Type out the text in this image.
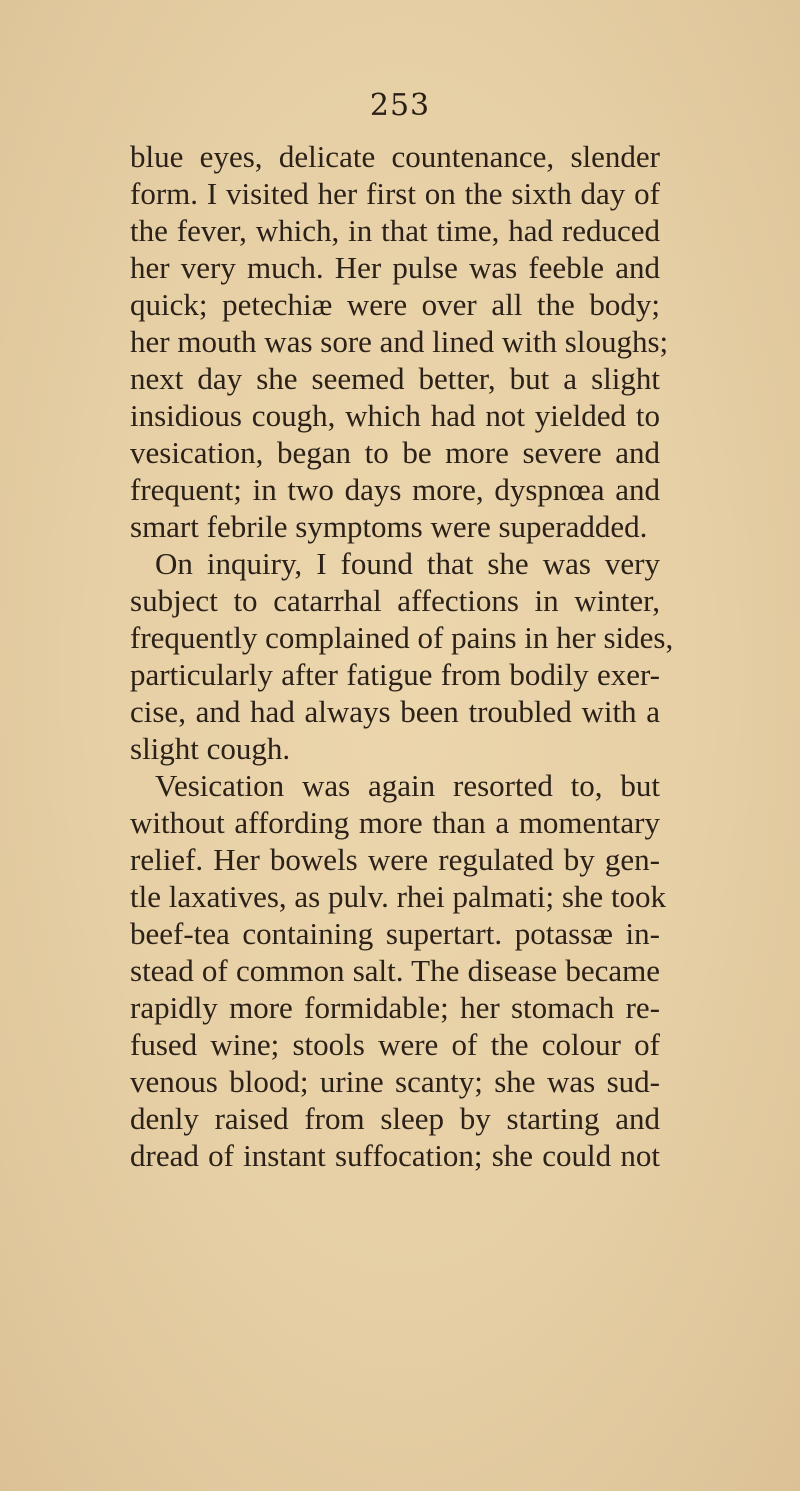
253
blue eyes, delicate countenance, slender
form. I visited her first on the sixth day of
the fever, which, in that time, had reduced
her very much. Her pulse was feeble and
quick; petechiæ were over all the body;
her mouth was sore and lined with sloughs;
next day she seemed better, but a slight
insidious cough, which had not yielded to
vesication, began to be more severe and
frequent; in two days more, dyspnœa and
smart febrile symptoms were superadded.
On inquiry, I found that she was very
subject to catarrhal affections in winter,
frequently complained of pains in her sides,
particularly after fatigue from bodily exer-
cise, and had always been troubled with a
slight cough.
Vesication was again resorted to, but
without affording more than a momentary
relief. Her bowels were regulated by gen-
tle laxatives, as pulv. rhei palmati; she took
beef-tea containing supertart. potassæ in-
stead of common salt. The disease became
rapidly more formidable; her stomach re-
fused wine; stools were of the colour of
venous blood; urine scanty; she was sud-
denly raised from sleep by starting and
dread of instant suffocation; she could not
